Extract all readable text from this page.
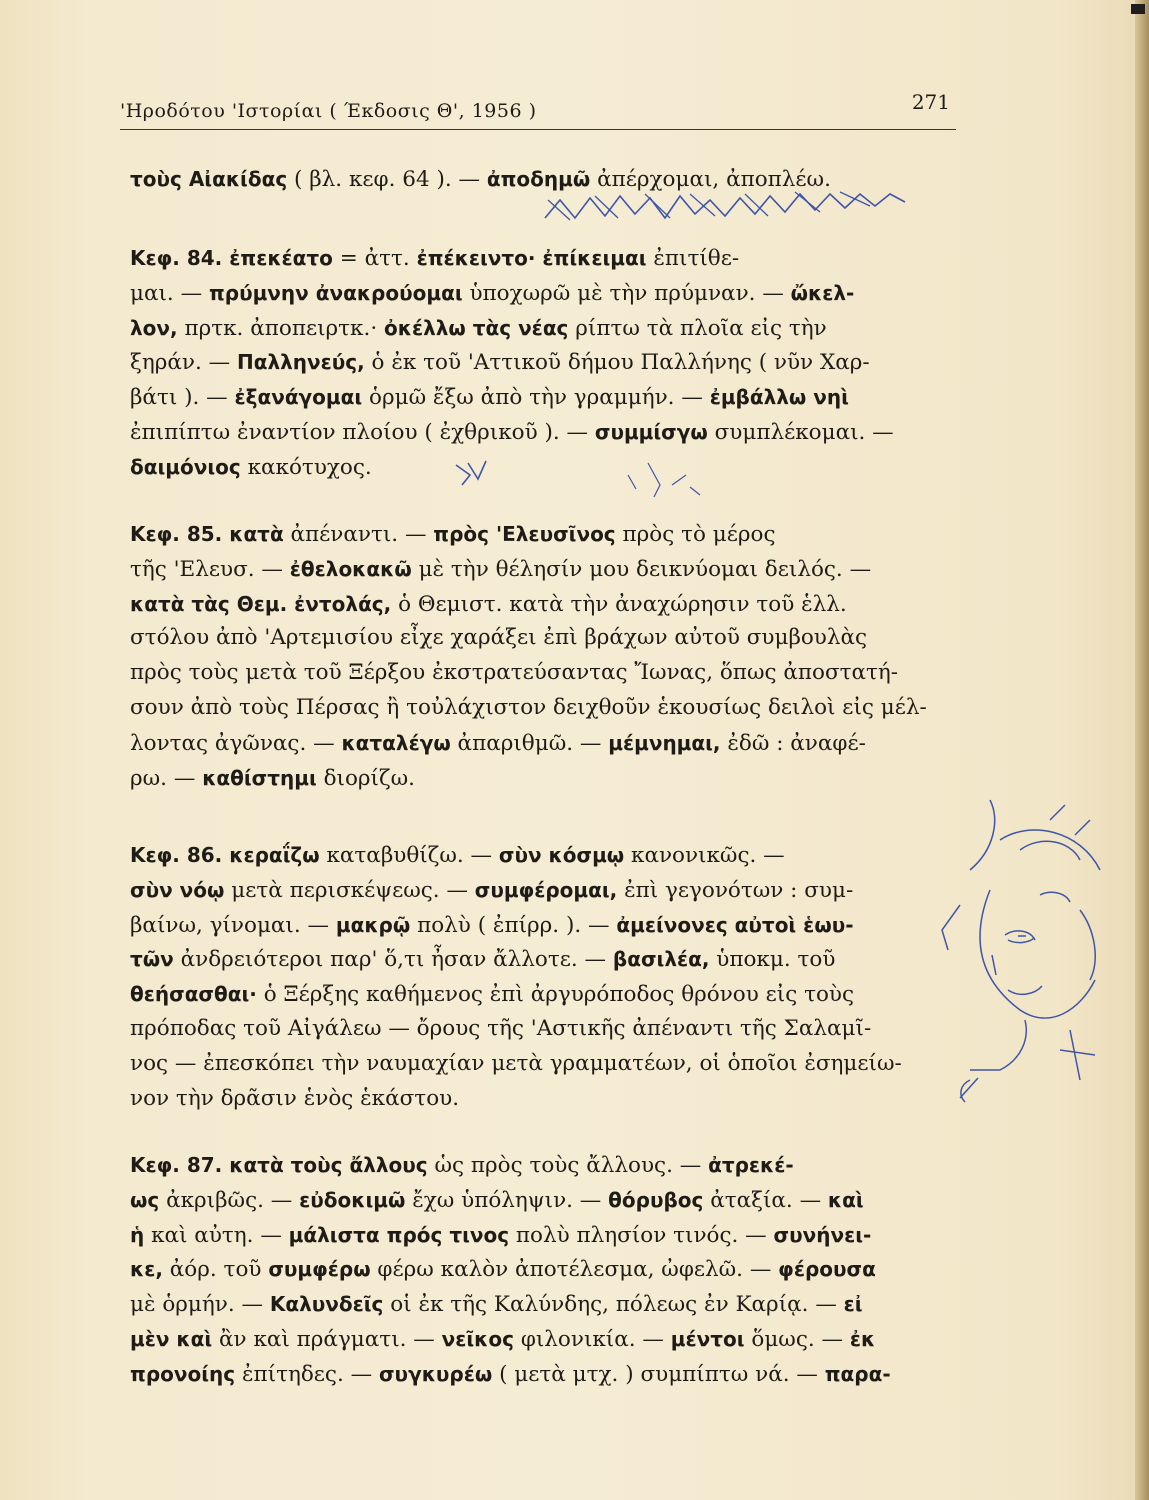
'Ηροδότου 'Ιστορίαι ( Έκδοσις Θ', 1956 )	271
τοὺς Αἰακίδας ( βλ. κεφ. 64 ). — ἀποδημῶ ἀπέρχομαι, ἀποπλέω.
Κεφ. 84. ἐπεκέατο = ἀττ. ἐπέκειντο· ἐπίκειμαι ἐπιτίθε-
μαι. — πρύμνην ἀνακρούομαι ὑποχωρῶ μὲ τὴν πρύμναν. — ὤκελ-
λον, πρτκ. ἀποπειρτκ.· ὀκέλλω τὰς νέας ρίπτω τὰ πλοῖα εἰς τὴν
ξηράν. — Παλληνεύς, ὁ ἐκ τοῦ 'Αττικοῦ δήμου Παλλήνης ( νῦν Χαρ-
βάτι ). — ἐξανάγομαι ὁρμῶ ἔξω ἀπὸ τὴν γραμμήν. — ἐμβάλλω νηὶ
ἐπιπίπτω ἐναντίον πλοίου ( ἐχθρικοῦ ). — συμμίσγω συμπλέκομαι. —
δαιμόνιος κακότυχος.
Κεφ. 85. κατὰ ἀπέναντι. — πρὸς 'Ελευσῖνος πρὸς τὸ μέρος
τῆς 'Ελευσ. — ἐθελοκακῶ μὲ τὴν θέλησίν μου δεικνύομαι δειλός. —
κατὰ τὰς Θεμ. ἐντολάς, ὁ Θεμιστ. κατὰ τὴν ἀναχώρησιν τοῦ ἑλλ.
στόλου ἀπὸ 'Αρτεμισίου εἶχε χαράξει ἐπὶ βράχων αὐτοῦ συμβουλὰς
πρὸς τοὺς μετὰ τοῦ Ξέρξου ἐκστρατεύσαντας Ἴωνας, ὅπως ἀποστατή-
σουν ἀπὸ τοὺς Πέρσας ἢ τοὐλάχιστον δειχθοῦν ἑκουσίως δειλοὶ εἰς μέλ-
λοντας ἀγῶνας. — καταλέγω ἀπαριθμῶ. — μέμνημαι, ἐδῶ : ἀναφέ-
ρω. — καθίστημι διορίζω.
Κεφ. 86. κεραΐζω καταβυθίζω. — σὺν κόσμῳ κανονικῶς. —
σὺν νόῳ μετὰ περισκέψεως. — συμφέρομαι, ἐπὶ γεγονότων : συμ-
βαίνω, γίνομαι. — μακρῷ πολὺ ( ἐπίρρ. ). — ἀμείνονες αὐτοὶ ἑωυ-
τῶν ἀνδρειότεροι παρ' ὅ,τι ἦσαν ἄλλοτε. — βασιλέα, ὑποκμ. τοῦ
θεήσασθαι· ὁ Ξέρξης καθήμενος ἐπὶ ἀργυρόποδος θρόνου εἰς τοὺς
πρόποδας τοῦ Αἰγάλεω — ὄρους τῆς 'Αστικῆς ἀπέναντι τῆς Σαλαμῖ-
νος — ἐπεσκόπει τὴν ναυμαχίαν μετὰ γραμματέων, οἱ ὁποῖοι ἐσημείω-
νον τὴν δρᾶσιν ἑνὸς ἑκάστου.
Κεφ. 87. κατὰ τοὺς ἄλλους ὡς πρὸς τοὺς ἄλλους. — ἀτρεκέ-
ως ἀκριβῶς. — εὐδοκιμῶ ἔχω ὑπόληψιν. — θόρυβος ἀταξία. — καὶ
ἡ καὶ αὐτη. — μάλιστα πρός τινος πολὺ πλησίον τινός. — συνήνει-
κε, ἀόρ. τοῦ συμφέρω φέρω καλὸν ἀποτέλεσμα, ὠφελῶ. — φέρουσα
μὲ ὁρμήν. — Καλυνδεῖς οἱ ἐκ τῆς Καλύνδης, πόλεως ἐν Καρίᾳ. — εἰ
μὲν καὶ ἂν καὶ πράγματι. — νεῖκος φιλονικία. — μέντοι ὅμως. — ἐκ
προνοίης ἐπίτηδες. — συγκυρέω ( μετὰ μτχ. ) συμπίπτω νά. — παρα-
